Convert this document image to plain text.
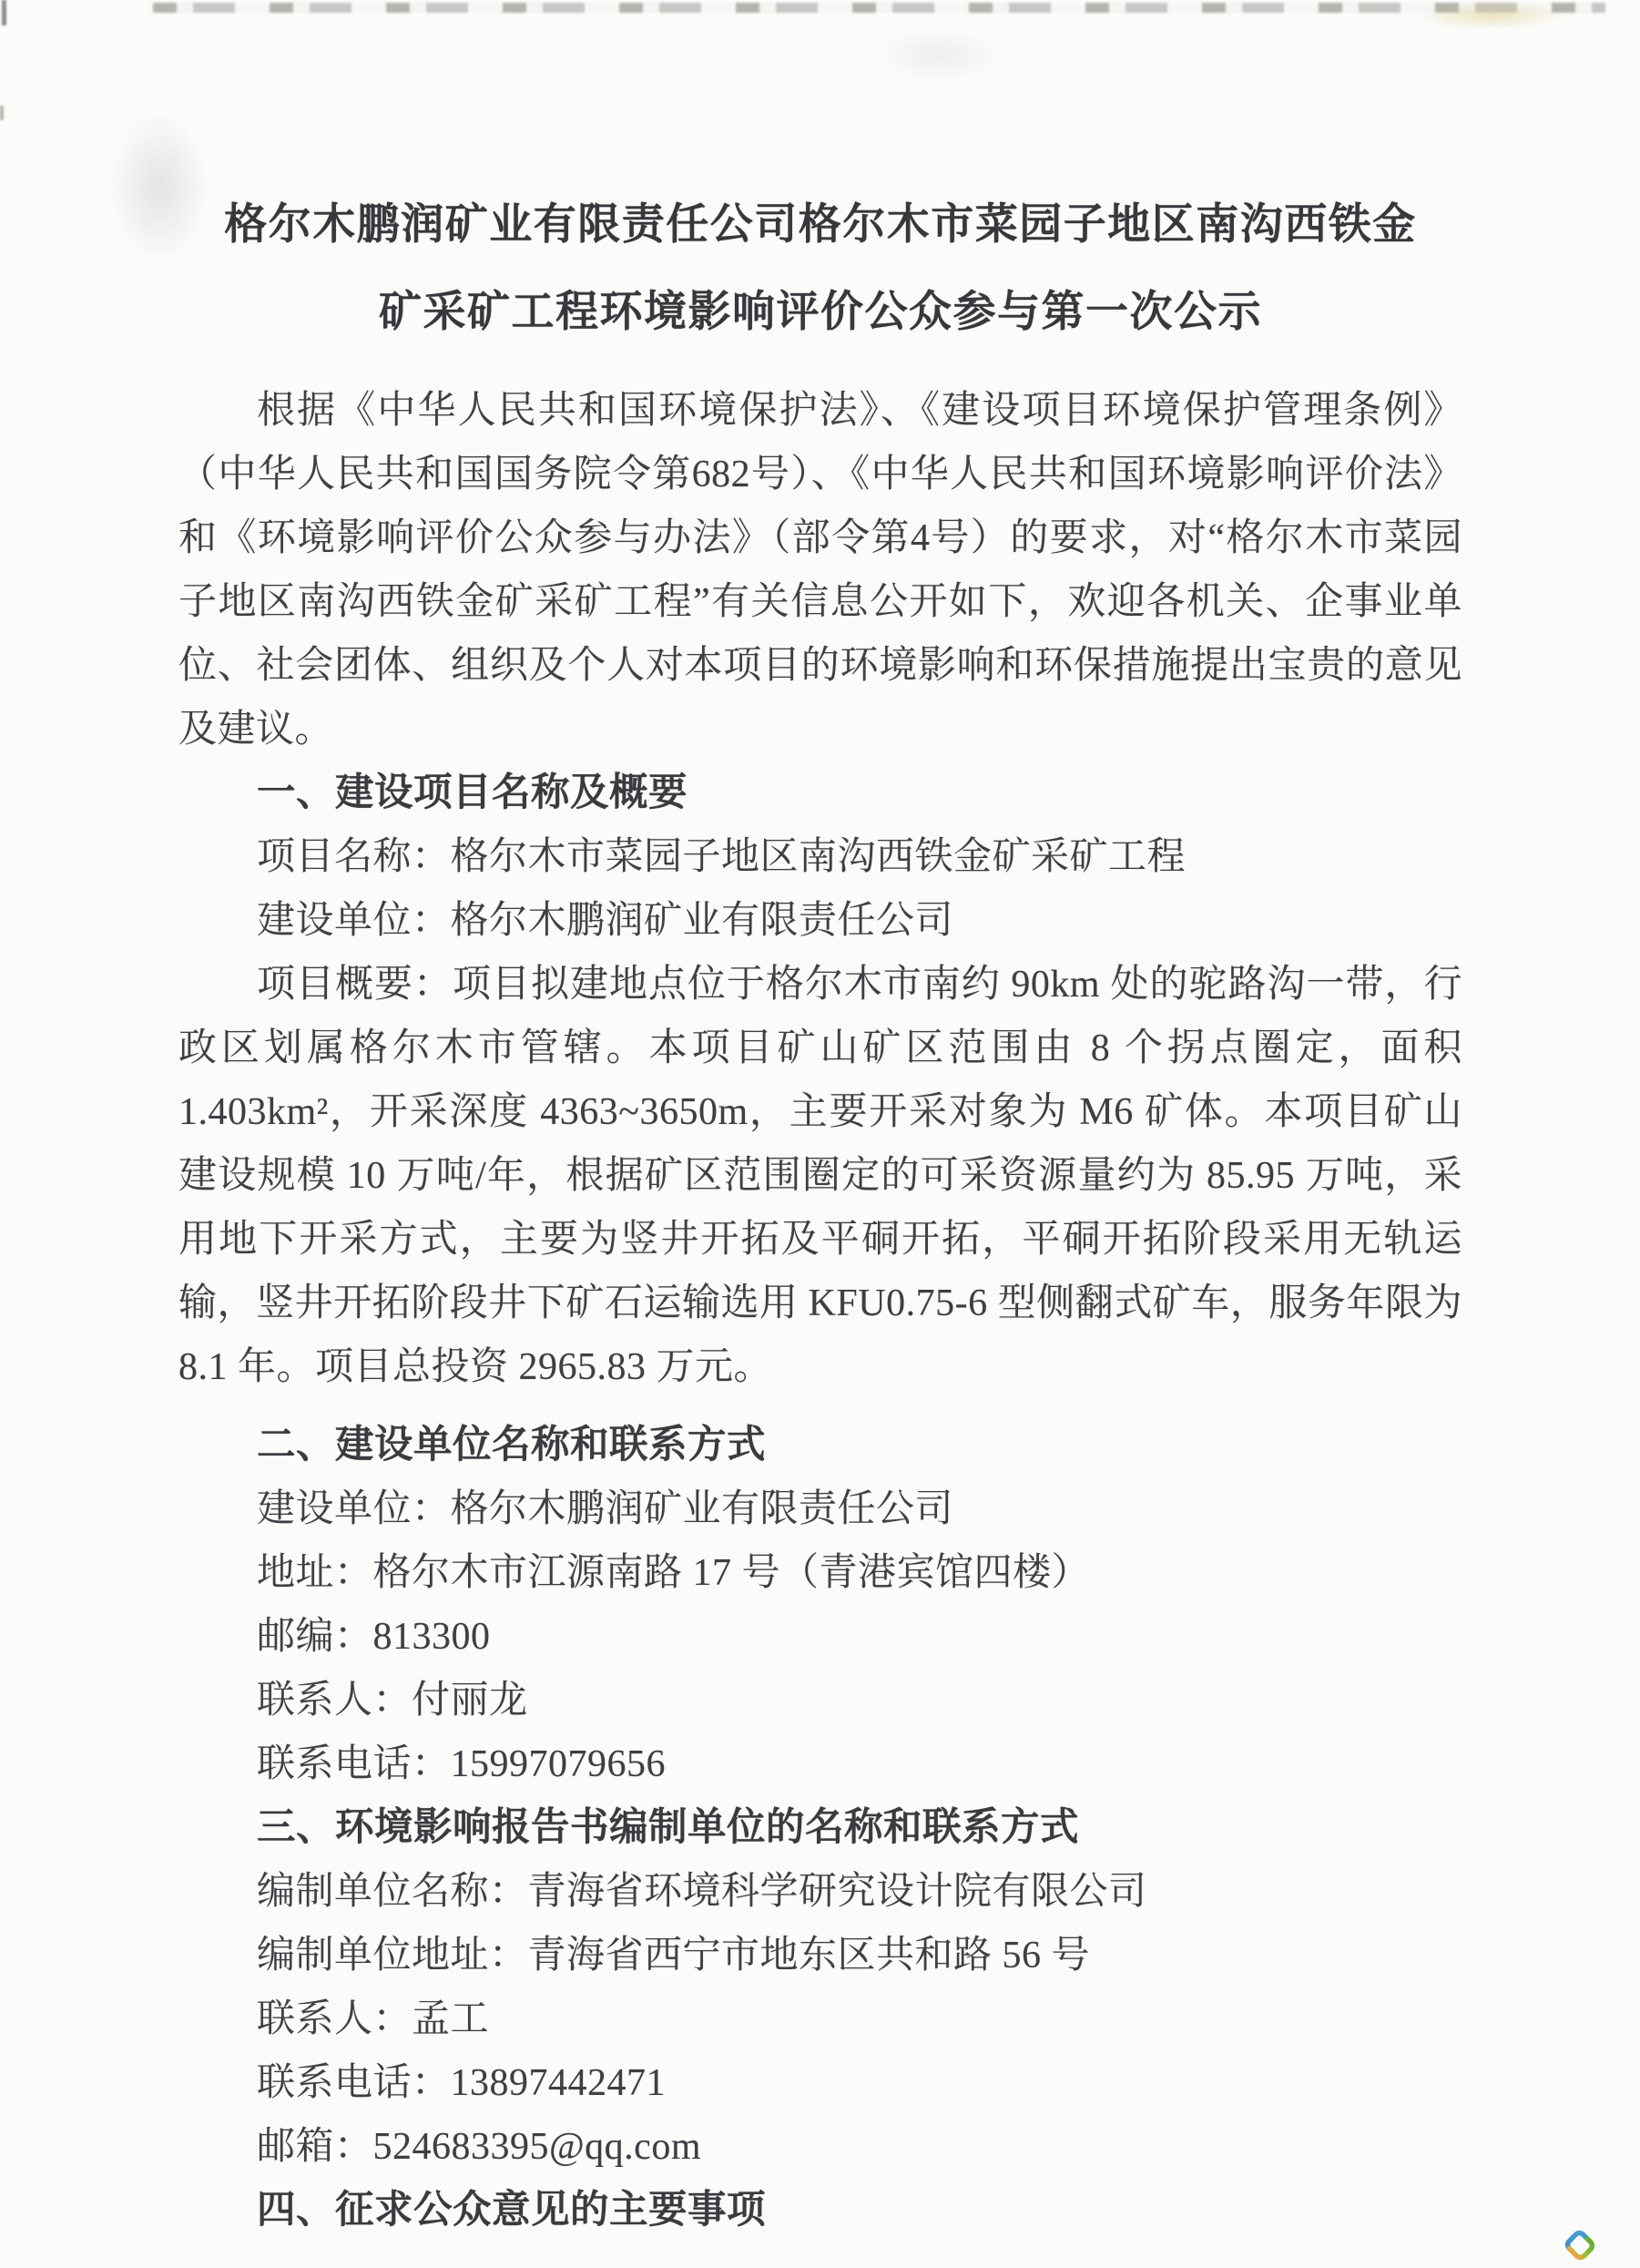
格尔木鹏润矿业有限责任公司格尔木市菜园子地区南沟西铁金
矿采矿工程环境影响评价公众参与第一次公示

根据《中华人民共和国环境保护法》、《建设项目环境保护管理条例》（中华人民共和国国务院令第682号）、《中华人民共和国环境影响评价法》和《环境影响评价公众参与办法》（部令第4号）的要求，对“格尔木市菜园子地区南沟西铁金矿采矿工程”有关信息公开如下，欢迎各机关、企事业单位、社会团体、组织及个人对本项目的环境影响和环保措施提出宝贵的意见及建议。

一、建设项目名称及概要

项目名称：格尔木市菜园子地区南沟西铁金矿采矿工程

建设单位：格尔木鹏润矿业有限责任公司

项目概要：项目拟建地点位于格尔木市南约 90km 处的驼路沟一带，行政区划属格尔木市管辖。本项目矿山矿区范围由 8 个拐点圈定，面积 1.403km²，开采深度 4363~3650m，主要开采对象为 M6 矿体。本项目矿山建设规模 10 万吨/年，根据矿区范围圈定的可采资源量约为 85.95 万吨，采用地下开采方式，主要为竖井开拓及平硐开拓，平硐开拓阶段采用无轨运输，竖井开拓阶段井下矿石运输选用 KFU0.75-6 型侧翻式矿车，服务年限为 8.1 年。项目总投资 2965.83 万元。

二、建设单位名称和联系方式

建设单位：格尔木鹏润矿业有限责任公司

地址：格尔木市江源南路 17 号（青港宾馆四楼）

邮编：813300

联系人：付丽龙

联系电话：15997079656

三、环境影响报告书编制单位的名称和联系方式

编制单位名称：青海省环境科学研究设计院有限公司

编制单位地址：青海省西宁市地东区共和路 56 号

联系人：孟工

联系电话：13897442471

邮箱：524683395@qq.com

四、征求公众意见的主要事项
